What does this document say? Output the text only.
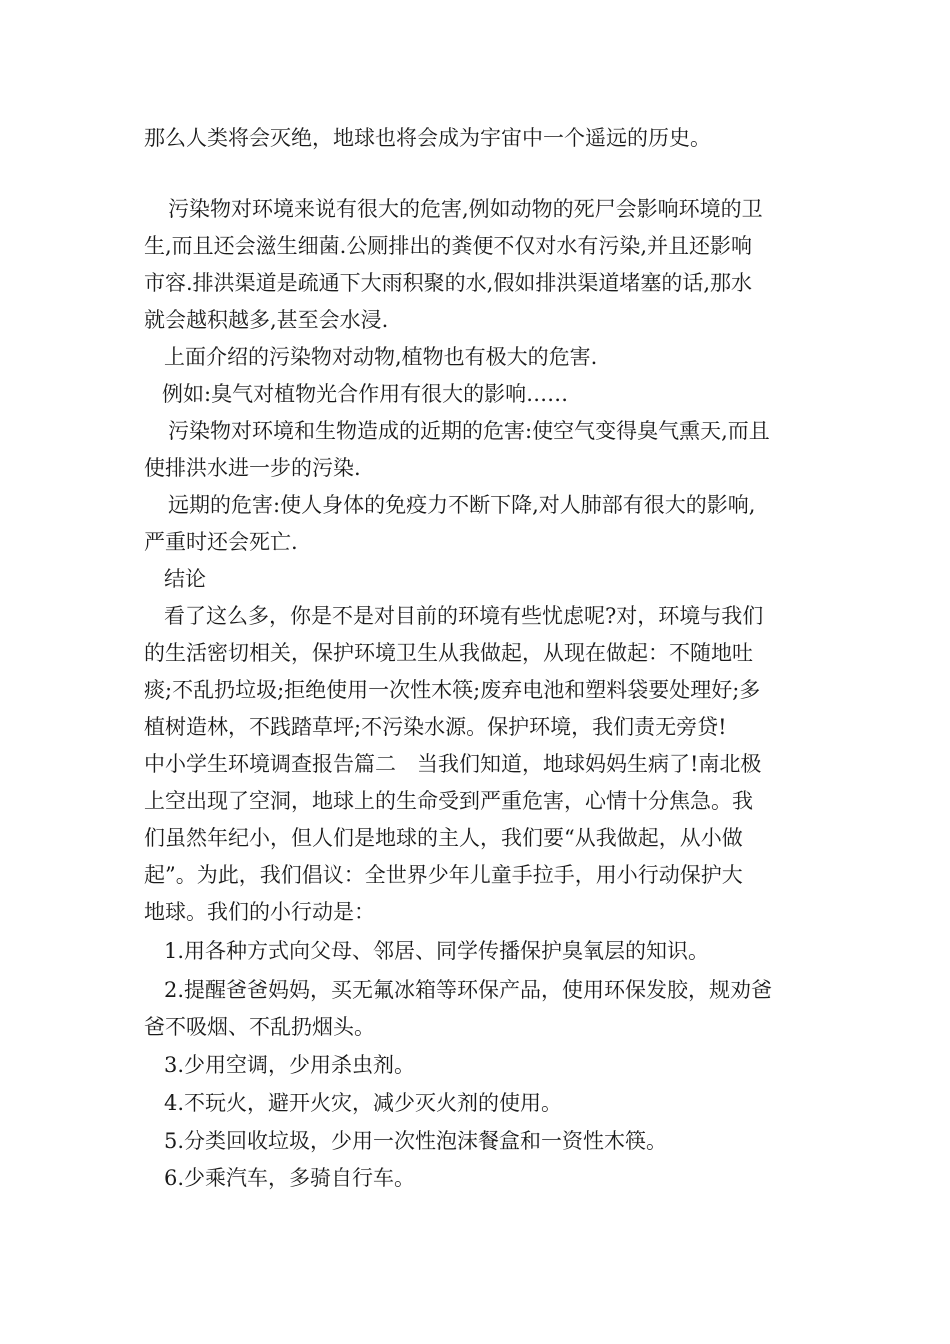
那么人类将会灭绝，地球也将会成为宇宙中一个遥远的历史。
污染物对环境来说有很大的危害,例如动物的死尸会影响环境的卫
生,而且还会滋生细菌.公厕排出的粪便不仅对水有污染,并且还影响
市容.排洪渠道是疏通下大雨积聚的水,假如排洪渠道堵塞的话,那水
就会越积越多,甚至会水浸.
上面介绍的污染物对动物,植物也有极大的危害.
例如:臭气对植物光合作用有很大的影响……
污染物对环境和生物造成的近期的危害:使空气变得臭气熏天,而且
使排洪水进一步的污染.
远期的危害:使人身体的免疫力不断下降,对人肺部有很大的影响,
严重时还会死亡.
结论
看了这么多，你是不是对目前的环境有些忧虑呢?对，环境与我们
的生活密切相关，保护环境卫生从我做起，从现在做起：不随地吐
痰;不乱扔垃圾;拒绝使用一次性木筷;废弃电池和塑料袋要处理好;多
植树造林，不践踏草坪;不污染水源。保护环境，我们责无旁贷!
中小学生环境调查报告篇二　当我们知道，地球妈妈生病了!南北极
上空出现了空洞，地球上的生命受到严重危害，心情十分焦急。我
们虽然年纪小，但人们是地球的主人，我们要“从我做起，从小做
起”。为此，我们倡议：全世界少年儿童手拉手，用小行动保护大
地球。我们的小行动是：
1.用各种方式向父母、邻居、同学传播保护臭氧层的知识。
2.提醒爸爸妈妈，买无氟冰箱等环保产品，使用环保发胶，规劝爸
爸不吸烟、不乱扔烟头。
3.少用空调，少用杀虫剂。
4.不玩火，避开火灾，减少灭火剂的使用。
5.分类回收垃圾，少用一次性泡沫餐盒和一资性木筷。
6.少乘汽车，多骑自行车。
